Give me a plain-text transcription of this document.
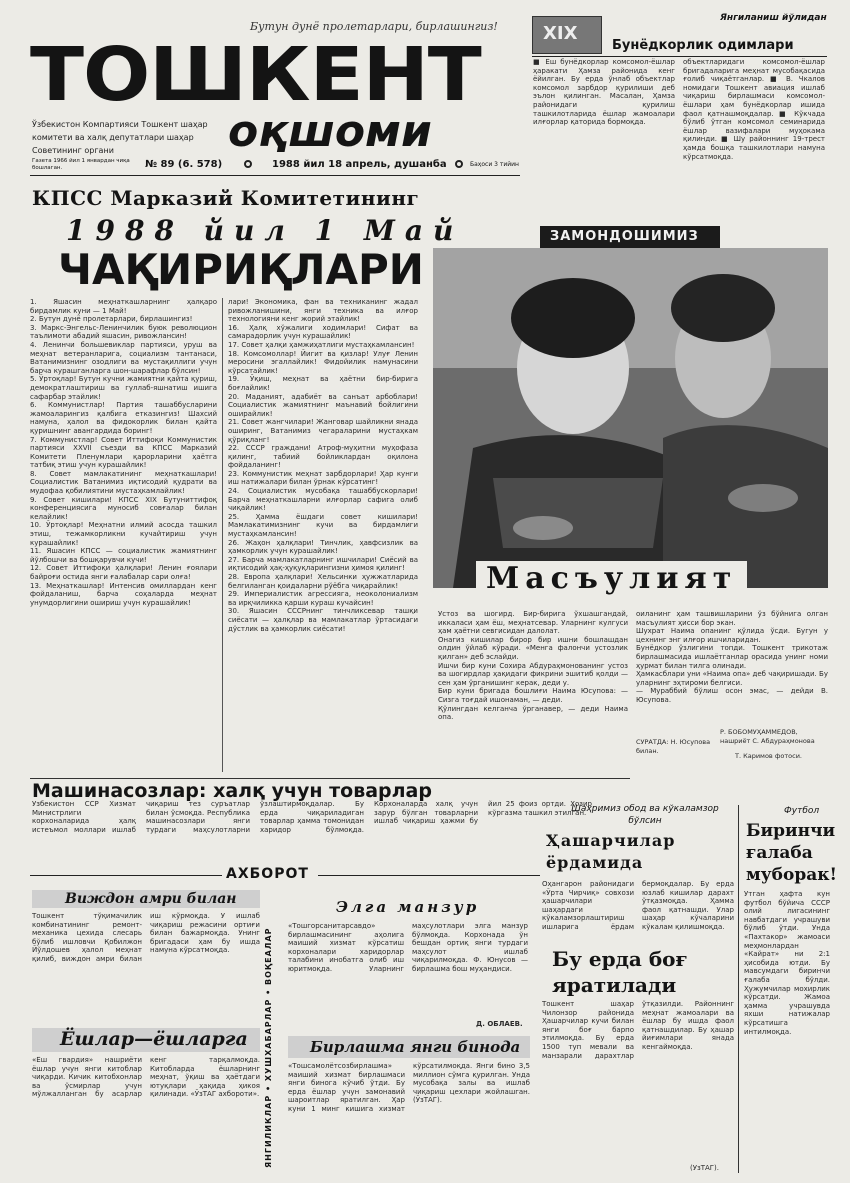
Бутун дунё пролетарлари, бирлашингиз!
ТОШКЕНТ
оқшоми
Ўзбекистон Компартияси Тошкент шаҳар комитети ва халқ депутатлари шаҳар Советининг органи
Газета 1966 йил 1 январдан чиқа бошлаган.	№ 89 (6. 578)	1988 йил 18 апрель, душанба	Баҳоси 3 тийин
XIX
Янгиланиш йўлидан
Бунёдкорлик одимлари
■ Ёш бунёдкорлар комсомол-ёшлар ҳаракати Ҳамза районида кенг ёйилган. Бу ерда ўнлаб объектлар комсомол зарбдор қурилиши деб эълон қилинган. Масалан, Ҳамза районидаги қурилиш ташкилотларида ёшлар жамоалари илғорлар қаторида бормоқда.
объектларидаги комсомол-ёшлар бригадаларига меҳнат мусобақасида ғолиб чиқаётганлар. ■ В. Чкалов номидаги Тошкент авиация ишлаб чиқариш бирлашмаси комсомол-ёшлари ҳам бунёдкорлар ишида фаол қатнашмоқдалар. ■ Кўкчада бўлиб ўтган комсомол семинарида ёшлар вазифалари муҳокама қилинди. ■ Шу районнинг 19-трест ҳамда бошқа ташкилотлари намуна кўрсатмоқда.
КПСС Марказий Комитетининг
1988 йил 1 Май
ЧАҚИРИҚЛАРИ
1. Яшасин меҳнаткашларнинг ҳалқаро бирдамлик куни — 1 Май!
2. Бутун дунё пролетарлари, бирлашингиз!
3. Маркс-Энгельс-Ленинчилик буюк революцион таълимоти абадий яшасин, ривожлансин!
4. Ленинчи большевиклар партияси, уруш ва меҳнат ветеранларига, социализм тантанаси, Ватанимизнинг озодлиги ва мустақиллиги учун барча курашганларга шон-шарафлар бўлсин!
5. Ўртоқлар! Бутун кучни жамиятни қайта қуриш, демократлаштириш ва гуллаб-яшнатиш ишига сафарбар этайлик!
6. Коммунистлар! Партия ташаббусларини жамоаларингиз қалбига етказингиз! Шахсий намуна, ҳалол ва фидокорлик билан қайта қуришнинг авангардида боринг!
7. Коммунистлар! Совет Иттифоқи Коммунистик партияси XXVII съезди ва КПСС Марказий Комитети Пленумлари қарорларини ҳаётга татбиқ этиш учун курашайлик!
8. Совет мамлакатининг меҳнаткашлари! Социалистик Ватанимиз иқтисодий қудрати ва мудофаа қобилиятини мустаҳкамлайлик!
9. Совет кишилари! КПСС XIX Бутуниттифоқ конференциясига муносиб совғалар билан келайлик!
10. Ўртоқлар! Меҳнатни илмий асосда ташкил этиш, тежамкорликни кучайтириш учун курашайлик!
11. Яшасин КПСС — социалистик жамиятнинг йўлбошчи ва бошқарувчи кучи!
12. Совет Иттифоқи ҳалқлари! Ленин ғоялари байроғи остида янги ғалабалар сари олға!
13. Меҳнаткашлар! Интенсив омиллардан кенг фойдаланиш, барча соҳаларда меҳнат унумдорлигини ошириш учун курашайлик!
лари! Экономика, фан ва техниканинг жадал ривожланишини, янги техника ва илғор технологияни кенг жорий этайлик!
16. Ҳалқ хўжалиги ходимлари! Сифат ва самарадорлик учун курашайлик!
17. Совет ҳалқи ҳамжиҳатлиги мустаҳкамлансин!
18. Комсомоллар! Йигит ва қизлар! Улуғ Ленин меросини эгаллайлик! Фидойилик намунасини кўрсатайлик!
19. Ўқиш, меҳнат ва ҳаётни бир-бирига боғлайлик!
20. Маданият, адабиёт ва санъат арбоблари! Социалистик жамиятнинг маънавий бойлигини оширайлик!
21. Совет жангчилари! Жанговар шайликни янада оширинг, Ватанимиз чегараларини мустаҳкам қўриқланг!
22. СССР граждани! Атроф-муҳитни муҳофаза қилинг, табиий бойликлардан оқилона фойдаланинг!
23. Коммунистик меҳнат зарбдорлари! Ҳар кунги иш натижалари билан ўрнак кўрсатинг!
24. Социалистик мусобақа ташаббускорлари! Барча меҳнаткашларни илғорлар сафига олиб чиқайлик!
25. Ҳамма ёшдаги совет кишилари! Мамлакатимизнинг кучи ва бирдамлиги мустаҳкамлансин!
26. Жаҳон ҳалқлари! Тинчлик, ҳавфсизлик ва ҳамкорлик учун курашайлик!
27. Барча мамлакатларнинг ишчилари! Сиёсий ва иқтисодий ҳақ-ҳуқуқларингизни ҳимоя қилинг!
28. Европа ҳалқлари! Хельсинки ҳужжатларида белгиланган қоидаларни рўёбга чиқарайлик!
29. Империалистик агрессияга, неоколониализм ва ирқчиликка қарши кураш кучайсин!
30. Яшасин СССРнинг тинчликсевар ташқи сиёсати — ҳалқлар ва мамлакатлар ўртасидаги дўстлик ва ҳамкорлик сиёсати!
ЗАМОНДОШИМИЗ
Масъулият
Устоз ва шогирд. Бир-бирига ўхшашгандай, иккаласи ҳам ёш, меҳнатсевар. Уларнинг кулгуси ҳам ҳаётни севгисидан далолат.
Онагиз кишилар бирор бир ишни бошлашдан олдин ўйлаб кўради. «Менга фалончи устозлик қилган» деб эслайди.
Ишчи бир куни Сохира Абдураҳмонованинг устоз ва шогирдлар ҳақидаги фикрини эшитиб қолди — сен ҳам ўрганишинг керак, деди у.
Бир куни бригада бошлиғи Наима Юсупова: — Сизга тоғдай ишонаман, — деди.
Қўлингдан келганча ўрганавер, — деди Наима опа.
оиланинг ҳам ташвишларини ўз бўйнига олган масъулият ҳисси бор экан.
Шухрат Наима опанинг қўлида ўсди. Бугун у цехнинг энг илғор ишчиларидан.
Бунёдкор ўзлигини топди. Тошкент трикотаж бирлашмасида ишлаётганлар орасида унинг номи ҳурмат билан тилга олинади.
Ҳамкасблари уни «Наима опа» деб чақиришади. Бу уларнинг эҳтироми белгиси.
— Мураббий бўлиш осон эмас, — дейди В. Юсупова.
Р. БОБОМУҲАММЕДОВ,
нашриёт С. Абдураҳмонова
СУРАТДА: Н. Юсупова билан.
Т. Каримов фотоси.
Машинасозлар: халқ учун товарлар
Ўзбекистон ССР Хизмат Министрлиги корхоналарида ҳалқ истеъмол моллари ишлаб чиқариш тез суръатлар билан ўсмоқда. Республика машинасозлари янги турдаги маҳсулотларни ўзлаштирмоқдалар. Бу ерда чиқариладиган товарлар ҳамма томонидан харидор бўлмоқда. Корхоналарда халқ учун зарур бўлган товарларни ишлаб чиқариш ҳажми бу йил 25 фоиз ортди. Ҳозир кўргазма ташкил этилган.
АХБОРОТ
Виждон амри билан
Тошкент тўқимачилик комбинатининг ремонт-механика цехида слесарь бўлиб ишловчи Қобилжон Йўлдошев ҳалол меҳнат қилиб, виждон амри билан иш кўрмоқда. У ишлаб чиқариш режасини ортиғи билан бажармоқда. Унинг бригадаси ҳам бу ишда намуна кўрсатмоқда.
Ёшлар—ёшларга
«Ёш гвардия» нашриёти ёшлар учун янги китоблар чиқарди. Кичик китобхонлар ва ўсмирлар учун мўлжалланган бу асарлар кенг тарқалмоқда. Китобларда ёшларнинг меҳнат, ўқиш ва ҳаётдаги ютуқлари ҳақида ҳикоя қилинади. «ЎзТАГ ахбороти». ЯНГИЛИКЛАР • ХУШХАБАРЛАР • ВОҚЕАЛАР
Элга манзур
«Тошгорсанитарсавдо» бирлашмасининг аҳолига маиший хизмат кўрсатиш корхоналари харидорлар талабини инобатга олиб иш юритмоқда. Уларнинг маҳсулотлари элга манзур бўлмоқда. Корхонада ўн бешдан ортиқ янги турдаги маҳсулот ишлаб чиқарилмоқда. Ф. Юнусов — бирлашма бош муҳандиси.
Д. ОБЛАЕВ.
Бирлашма янги бинода
«Тошсамолётсозбирлашма» маиший хизмат бирлашмаси янги бинога кўчиб ўтди. Бу ерда ёшлар учун замонавий шароитлар яратилган. Ҳар куни 1 минг кишига хизмат кўрсатилмоқда. Янги бино 3,5 миллион сўмга қурилган. Унда мусобақа залы ва ишлаб чиқариш цехлари жойлашган. (ЎзТАГ).
Шаҳримиз обод ва кўкаламзор бўлсин
Ҳашарчилар ёрдамида
Оҳангарон районидаги «Ўрта Чирчиқ» совхози ҳашарчилари шаҳардаги кўкаламзорлаштириш ишларига ёрдам бермоқдалар. Бу ерда юзлаб кишилар дарахт ўтқазмоқда. Ҳамма фаол қатнашди. Улар шаҳар кўчаларини кўкалам қилишмоқда.
Бу ерда боғ яратилади
Тошкент шаҳар Чилонзор районида Ҳашарчилар кучи билан янги боғ барпо этилмоқда. Бу ерда 1500 туп мевали ва манзарали дарахтлар ўтқазилди. Районнинг меҳнат жамоалари ва ёшлар бу ишда фаол қатнашдилар. Бу ҳашар йиғимлари янада кенгаймоқда.
(ЎзТАГ).
Футбол
Биринчи ғалаба муборак!
Ўтган ҳафта кун футбол бўйича СССР олий лигасининг навбатдаги учрашуви бўлиб ўтди. Унда «Пахтакор» жамоаси меҳмонлардан «Кайрат» ни 2:1 ҳисобида ютди. Бу мавсумдаги биринчи ғалаба бўлди. Ҳужумчилар мохирлик кўрсатди. Жамоа ҳамма учрашувда яхши натижалар кўрсатишга интилмоқда.
